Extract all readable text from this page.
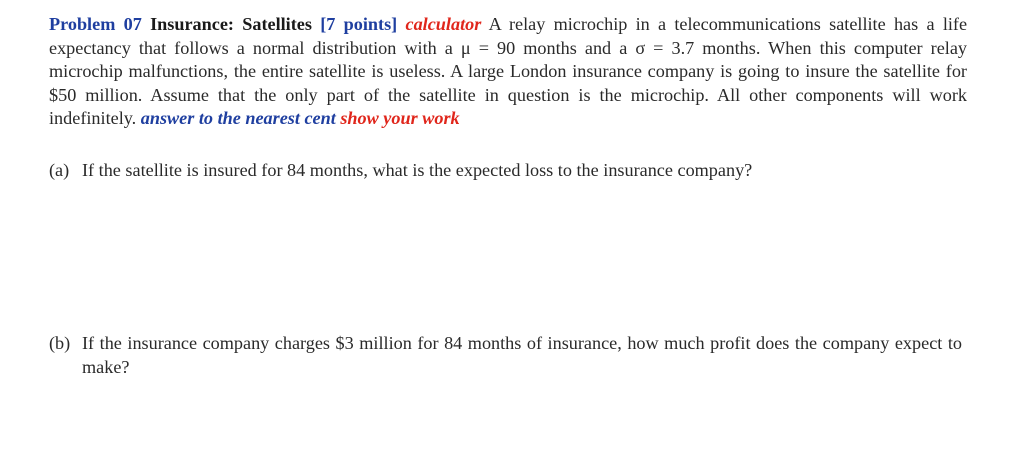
Problem 07 Insurance: Satellites [7 points] calculator A relay microchip in a telecommunications satellite has a life expectancy that follows a normal distribution with a μ = 90 months and a σ = 3.7 months. When this computer relay microchip malfunctions, the entire satellite is useless. A large London insurance company is going to insure the satellite for $50 million. Assume that the only part of the satellite in question is the microchip. All other components will work indefinitely. answer to the nearest cent show your work

(a) If the satellite is insured for 84 months, what is the expected loss to the insurance company?
(b) If the insurance company charges $3 million for 84 months of insurance, how much profit does the company expect to make?
